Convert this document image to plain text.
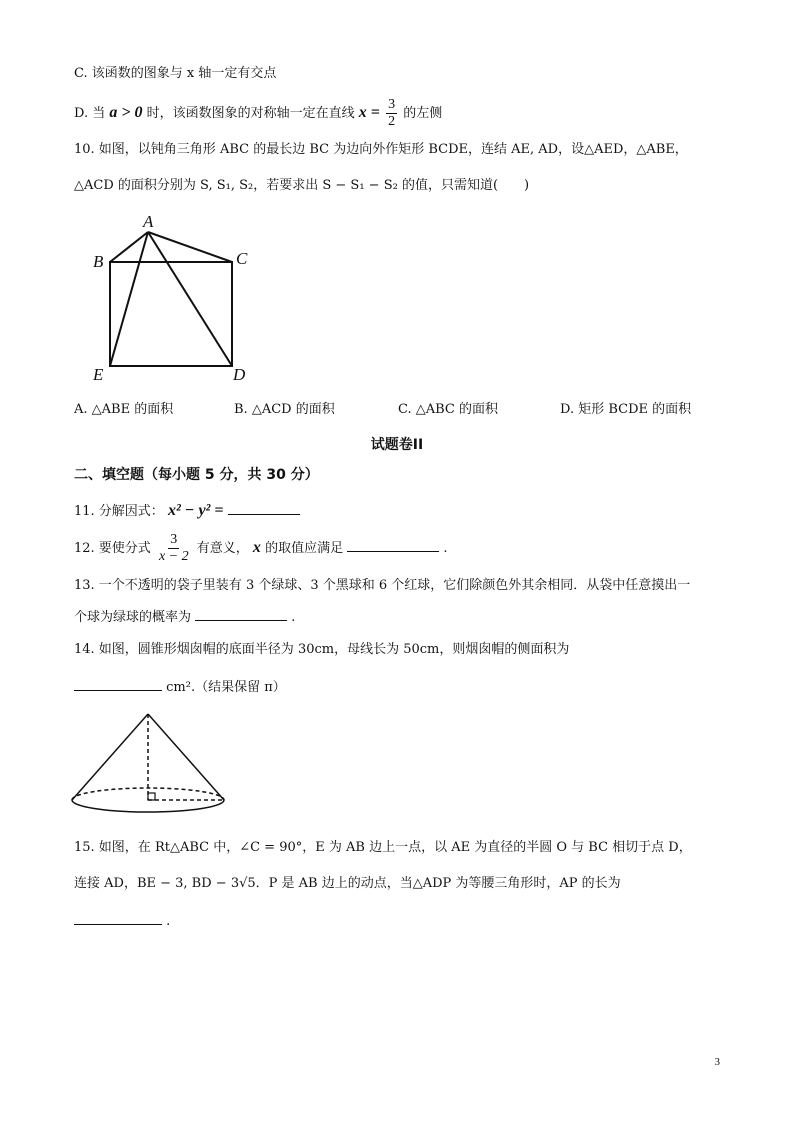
C. 该函数的图象与 x 轴一定有交点
D. 当 a > 0 时，该函数图象的对称轴一定在直线 $x = \frac{3}{2}$ 的左侧
10. 如图，以钝角三角形 ABC 的最长边 BC 为边向外作矩形 BCDE，连结 AE, AD，设△AED，△ABE，
△ACD 的面积分别为 S, S₁, S₂，若要求出 S − S₁ − S₂ 的值，只需知道(　　)
A
B	C
D
E
A. △ABE 的面积	B. △ACD 的面积	C. △ABC 的面积	D. 矩形 BCDE 的面积
试题卷II
二、填空题（每小题 5 分，共 30 分）
11. 分解因式： x² − y² =
12. 要使分式 $\frac{3}{x - 2}$ 有意义， x 的取值应满足	.
13. 一个不透明的袋子里装有 3 个绿球、3 个黑球和 6 个红球，它们除颜色外其余相同．从袋中任意摸出一
个球为绿球的概率为	.
14. 如图，圆锥形烟囱帽的底面半径为 30cm，母线长为 50cm，则烟囱帽的侧面积为
cm².（结果保留 π）
15. 如图，在 Rt△ABC 中，∠C = 90°，E 为 AB 边上一点，以 AE 为直径的半圆 O 与 BC 相切于点 D，
连接 AD，BE − 3, BD − 3√5．P 是 AB 边上的动点，当△ADP 为等腰三角形时，AP 的长为
.
3
